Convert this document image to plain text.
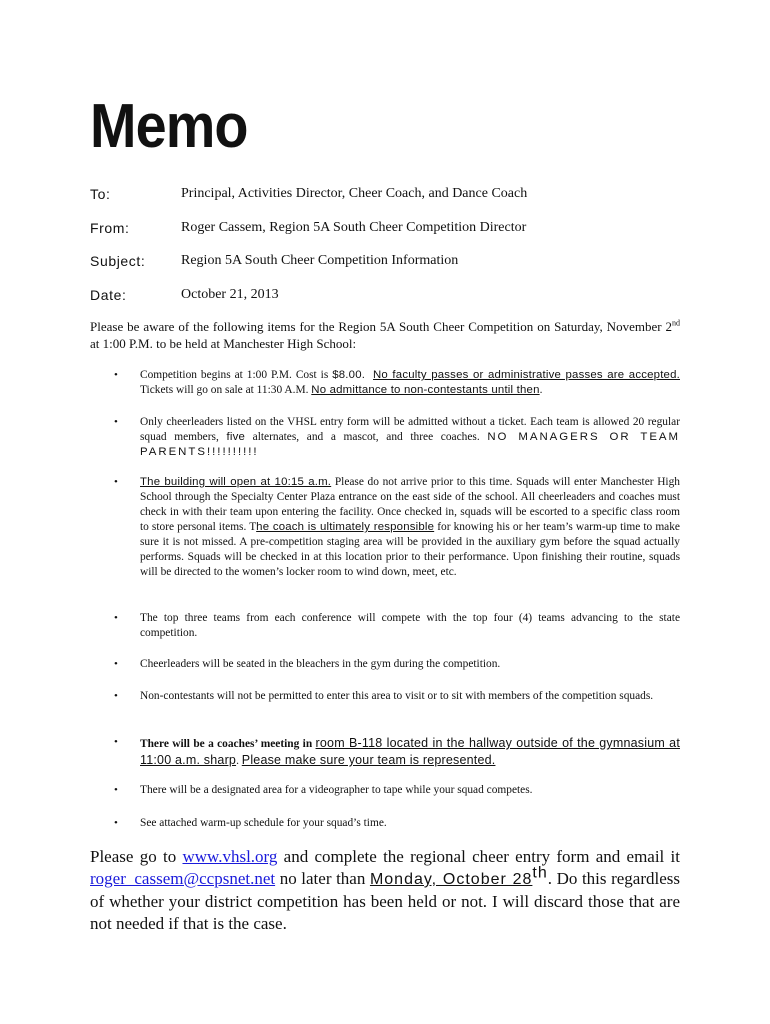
Memo
To:	Principal, Activities Director, Cheer Coach, and Dance Coach
From:	Roger Cassem, Region 5A South Cheer Competition Director
Subject:	Region 5A South Cheer Competition Information
Date:	October 21, 2013
Please be aware of the following items for the Region 5A South Cheer Competition on Saturday, November 2nd at 1:00 P.M. to be held at Manchester High School:
• Competition begins at 1:00 P.M. Cost is $8.00. No faculty passes or administrative passes are accepted. Tickets will go on sale at 11:30 A.M. No admittance to non-contestants until then.
• Only cheerleaders listed on the VHSL entry form will be admitted without a ticket. Each team is allowed 20 regular squad members, five alternates, and a mascot, and three coaches. NO MANAGERS OR TEAM PARENTS!!!!!!!!!!
• The building will open at 10:15 a.m. Please do not arrive prior to this time. Squads will enter Manchester High School through the Specialty Center Plaza entrance on the east side of the school. All cheerleaders and coaches must check in with their team upon entering the facility. Once checked in, squads will be escorted to a specific class room to store personal items. The coach is ultimately responsible for knowing his or her team’s warm-up time to make sure it is not missed. A pre-competition staging area will be provided in the auxiliary gym before the squad actually performs. Squads will be checked in at this location prior to their performance. Upon finishing their routine, squads will be directed to the women’s locker room to wind down, meet, etc.
• The top three teams from each conference will compete with the top four (4) teams advancing to the state competition.
• Cheerleaders will be seated in the bleachers in the gym during the competition.
• Non-contestants will not be permitted to enter this area to visit or to sit with members of the competition squads.
• There will be a coaches’ meeting in room B-118 located in the hallway outside of the gymnasium at 11:00 a.m. sharp. Please make sure your team is represented.
• There will be a designated area for a videographer to tape while your squad competes.
• See attached warm-up schedule for your squad’s time.
Please go to www.vhsl.org and complete the regional cheer entry form and email it roger_cassem@ccpsnet.net no later than Monday, October 28th. Do this regardless of whether your district competition has been held or not. I will discard those that are not needed if that is the case.
